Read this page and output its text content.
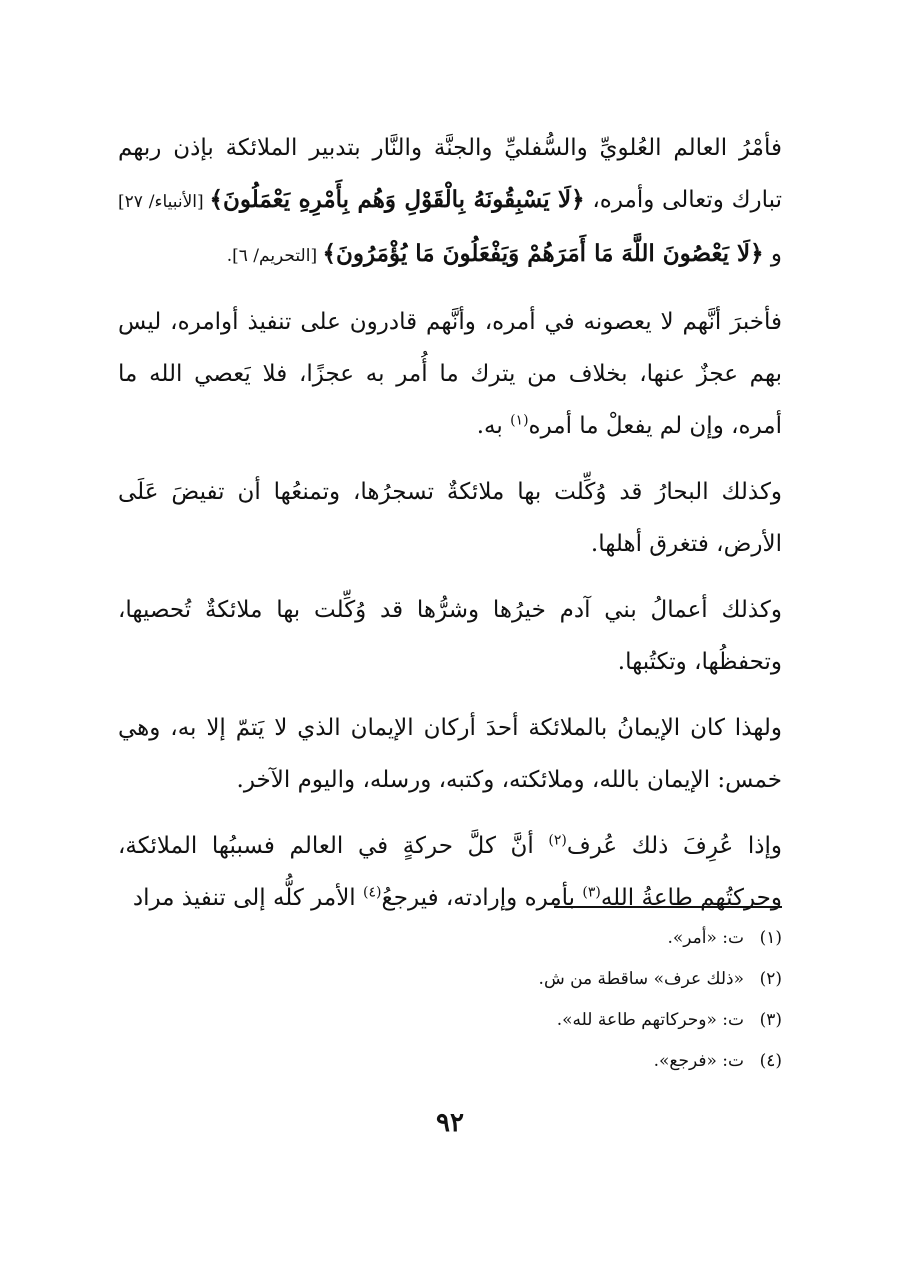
فأمْرُ العالم العُلويِّ والسُّفليِّ والجنَّة والنَّار بتدبير الملائكة بإذن ربهم تبارك وتعالى وأمره، ﴿لَا يَسْبِقُونَهُ بِالْقَوْلِ وَهُم بِأَمْرِهِ يَعْمَلُونَ﴾ [الأنبياء/ ٢٧] و ﴿لَا يَعْصُونَ اللَّهَ مَا أَمَرَهُمْ وَيَفْعَلُونَ مَا يُؤْمَرُونَ﴾ [التحريم/ ٦].

فأخبرَ أنَّهم لا يعصونه في أمره، وأنَّهم قادرون على تنفيذ أوامره، ليس بهم عجزٌ عنها، بخلاف من يترك ما أُمر به عجزًا، فلا يَعصي الله ما أمره، وإن لم يفعلْ ما أمره$^{(١)}$ به.

وكذلك البحارُ قد وُكِّلت بها ملائكةٌ تسجرُها، وتمنعُها أن تفيضَ عَلَى الأرض، فتغرق أهلها.

وكذلك أعمالُ بني آدم خيرُها وشرُّها قد وُكِّلت بها ملائكةٌ تُحصيها، وتحفظُها، وتكتُبها.

ولهذا كان الإيمانُ بالملائكة أحدَ أركان الإيمان الذي لا يَتمّ إلا به، وهي خمس: الإيمان بالله، وملائكته، وكتبه، ورسله، واليوم الآخر.

وإذا عُرِفَ ذلك عُرف$^{(٢)}$ أنَّ كلَّ حركةٍ في العالم فسببُها الملائكة، وحركتُهم طاعةُ الله$^{(٣)}$ بأمره وإرادته، فيرجعُ$^{(٤)}$ الأمر كلُّه إلى تنفيذ مراد

(١)ت: «أمر».
(٢)«ذلك عرف» ساقطة من ش.
(٣)ت: «وحركاتهم طاعة لله».
(٤)ت: «فرجع».
٩٢
